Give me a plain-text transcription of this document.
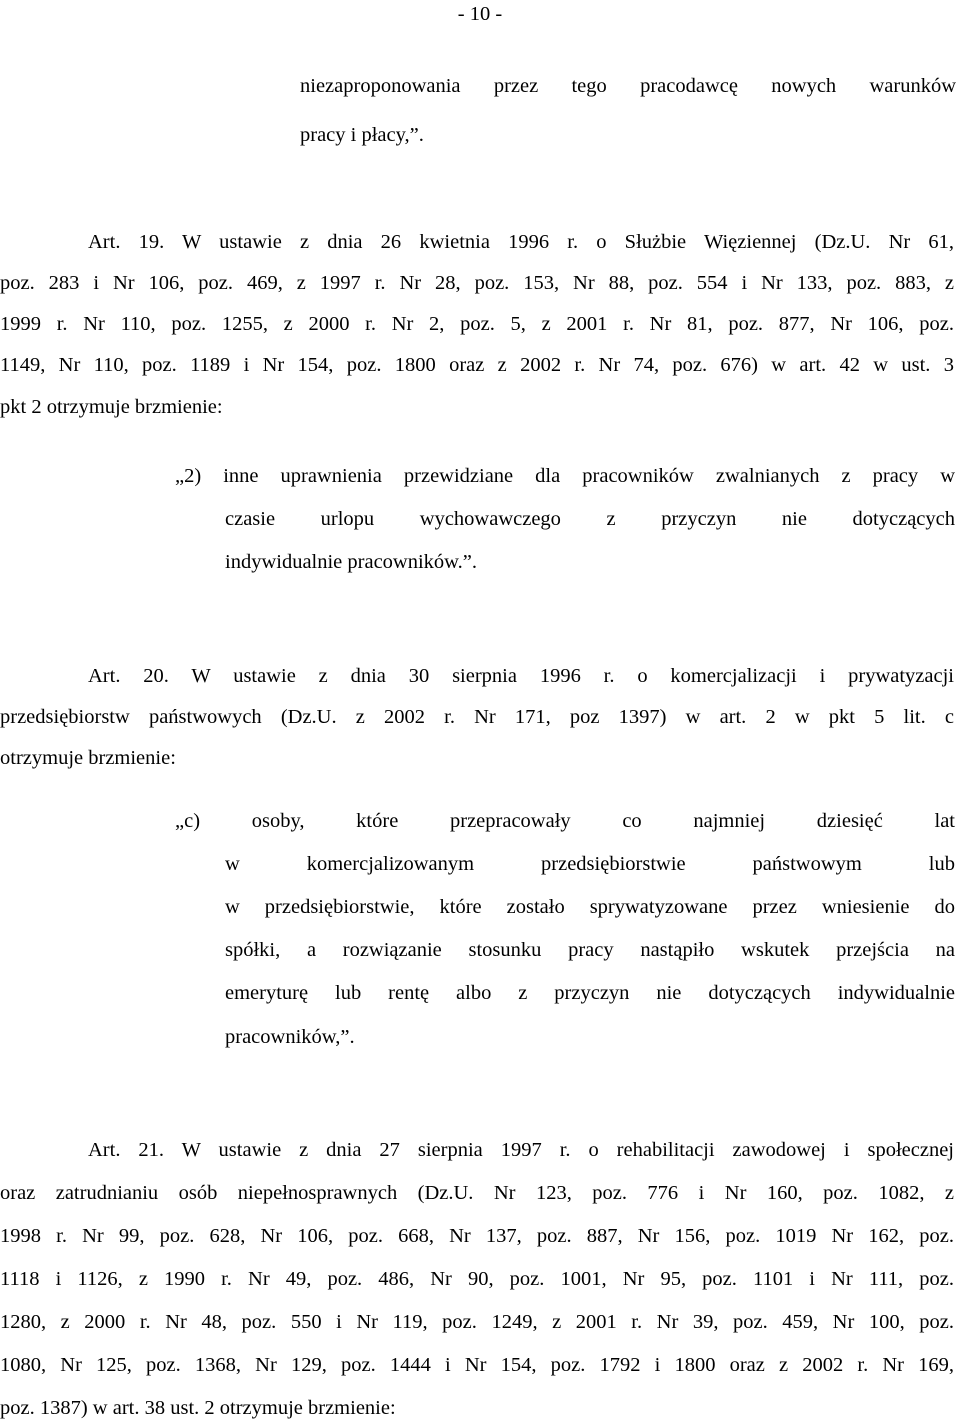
- 10 -
niezaproponowania przez tego pracodawcę nowych warunków
pracy i płacy,”.
Art. 19. W ustawie z dnia 26 kwietnia 1996 r. o Służbie Więziennej (Dz.U. Nr 61,
poz. 283 i Nr 106, poz. 469, z 1997 r. Nr 28, poz. 153, Nr 88, poz. 554 i Nr 133, poz. 883, z
1999 r. Nr 110, poz. 1255, z 2000 r. Nr 2, poz. 5, z 2001 r. Nr 81, poz. 877, Nr 106, poz.
1149, Nr 110, poz. 1189 i Nr 154, poz. 1800 oraz z 2002 r. Nr 74, poz. 676) w art. 42 w ust. 3
pkt 2 otrzymuje brzmienie:
„2) inne uprawnienia przewidziane dla pracowników zwalnianych z pracy w
czasie urlopu wychowawczego z przyczyn nie dotyczących
indywidualnie pracowników.”.
Art. 20. W ustawie z dnia 30 sierpnia 1996 r. o komercjalizacji i prywatyzacji
przedsiębiorstw państwowych (Dz.U. z 2002 r. Nr 171, poz 1397) w art. 2 w pkt 5 lit. c
otrzymuje brzmienie:
„c) osoby, które przepracowały co najmniej dziesięć lat
w komercjalizowanym przedsiębiorstwie państwowym lub
w przedsiębiorstwie, które zostało sprywatyzowane przez wniesienie do
spółki, a rozwiązanie stosunku pracy nastąpiło wskutek przejścia na
emeryturę lub rentę albo z przyczyn nie dotyczących indywidualnie
pracowników,”.
Art. 21. W ustawie z dnia 27 sierpnia 1997 r. o rehabilitacji zawodowej i społecznej
oraz zatrudnianiu osób niepełnosprawnych (Dz.U. Nr 123, poz. 776 i Nr 160, poz. 1082, z
1998 r. Nr 99, poz. 628, Nr 106, poz. 668, Nr 137, poz. 887, Nr 156, poz. 1019 Nr 162, poz.
1118 i 1126, z 1990 r. Nr 49, poz. 486, Nr 90, poz. 1001, Nr 95, poz. 1101 i Nr 111, poz.
1280, z 2000 r. Nr 48, poz. 550 i Nr 119, poz. 1249, z 2001 r. Nr 39, poz. 459, Nr 100, poz.
1080, Nr 125, poz. 1368, Nr 129, poz. 1444 i Nr 154, poz. 1792 i 1800 oraz z 2002 r. Nr 169,
poz. 1387) w art. 38 ust. 2 otrzymuje brzmienie:
